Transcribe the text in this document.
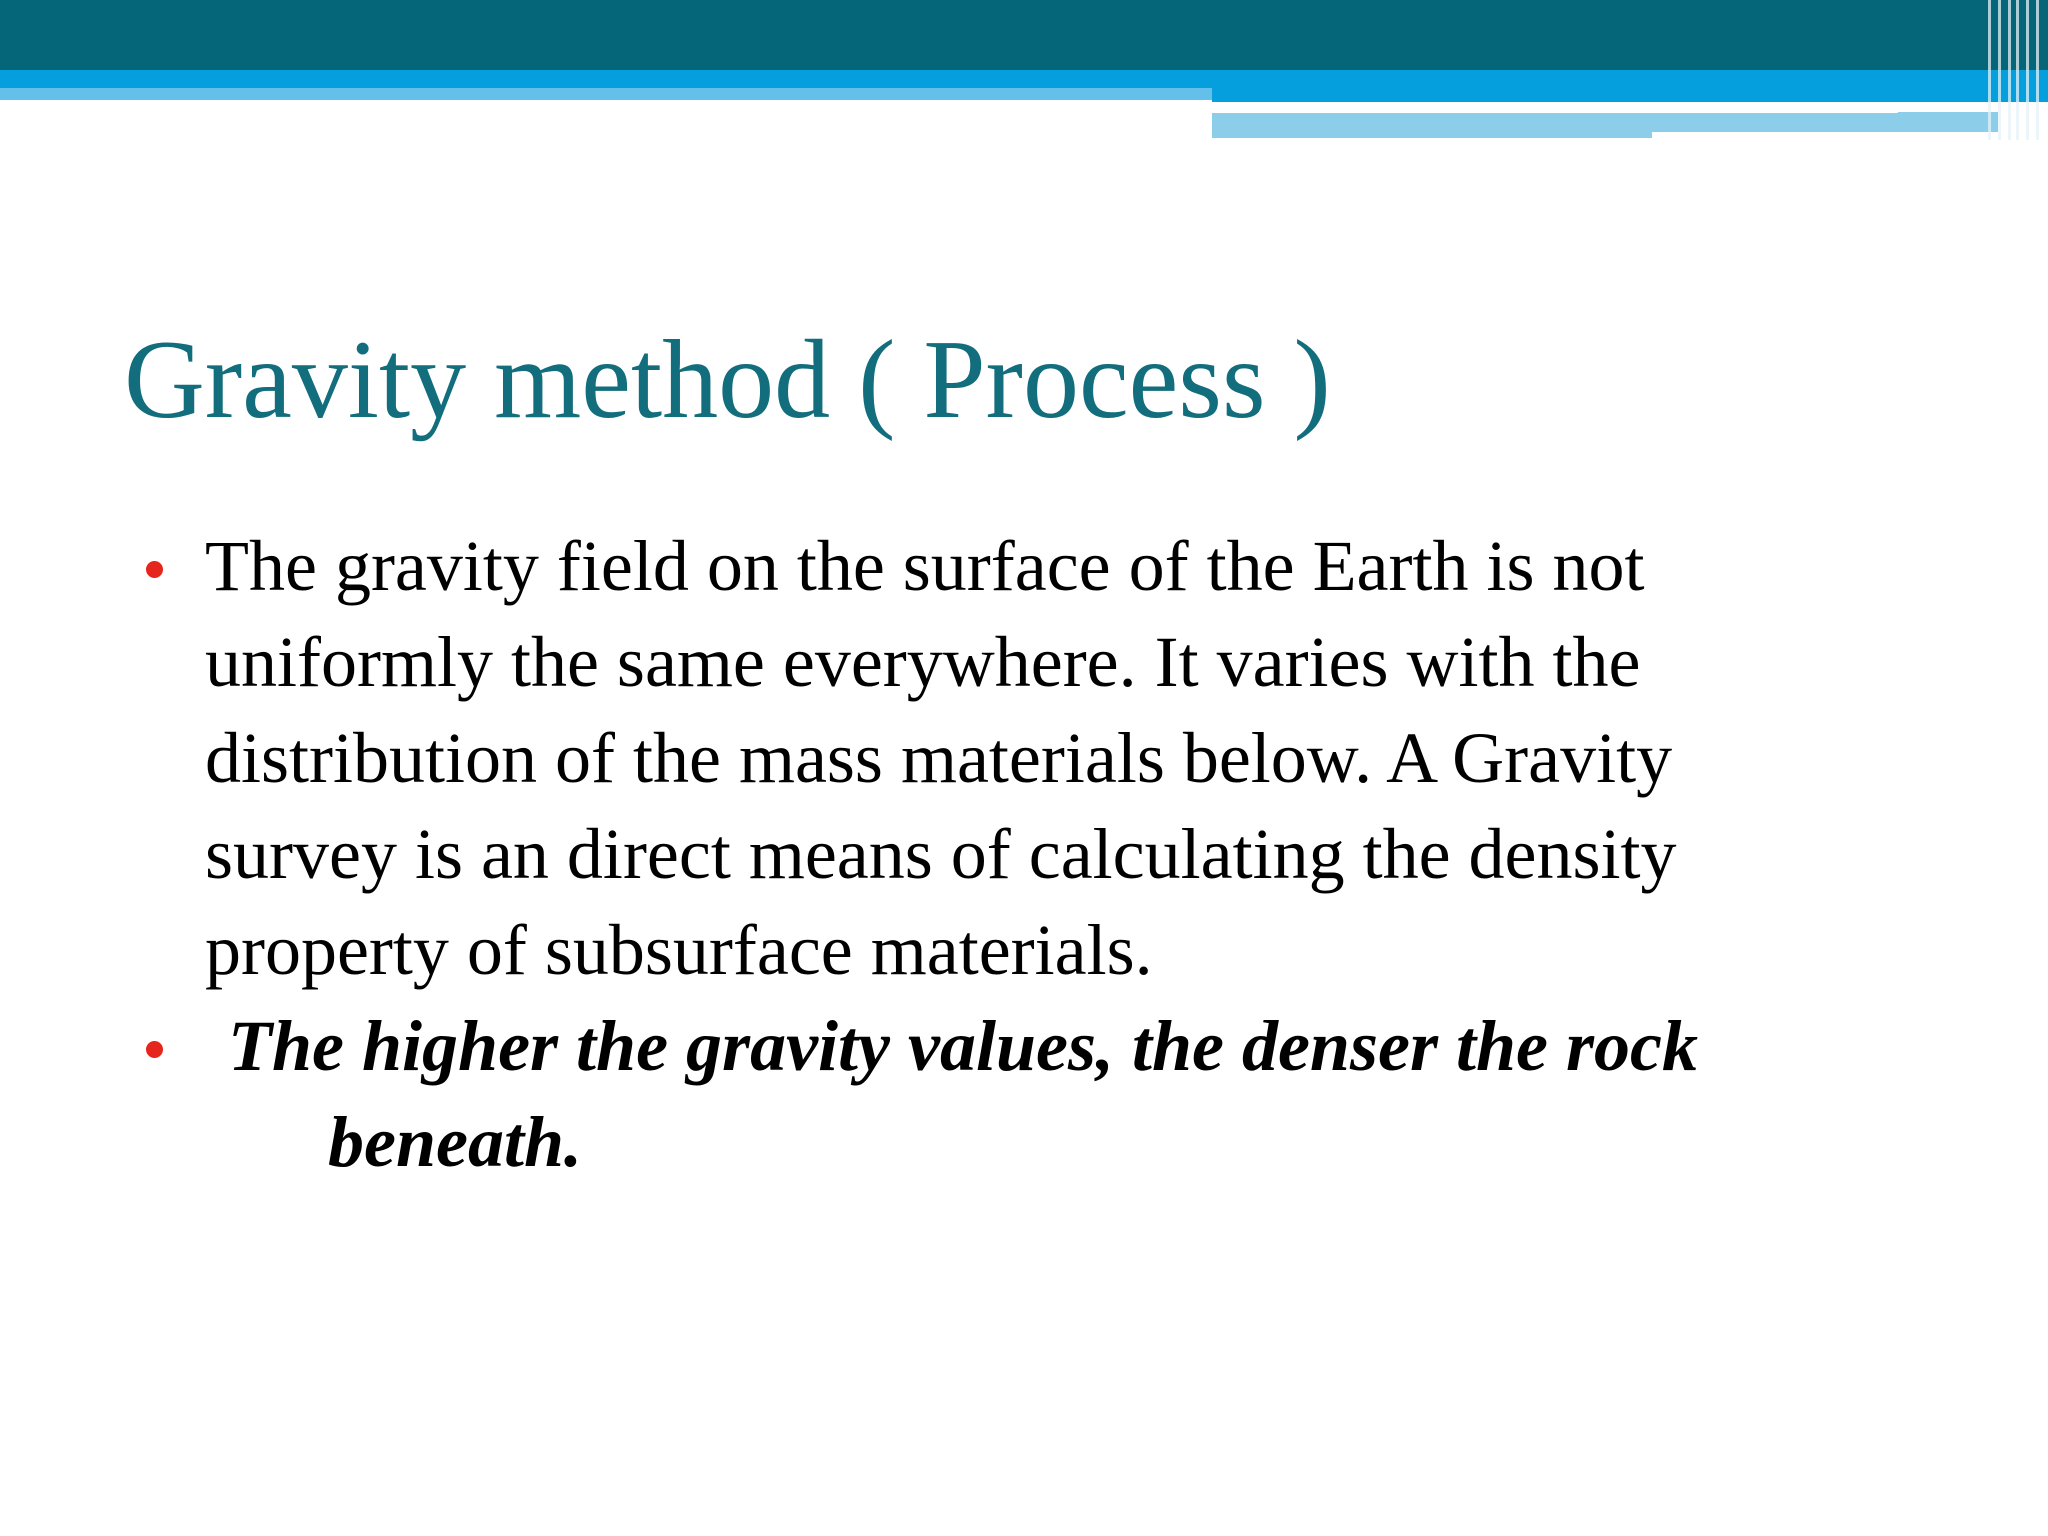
Gravity method ( Process )
The gravity field on the surface of the Earth is not
uniformly the same everywhere. It varies with the
distribution of the mass materials below. A Gravity
survey is an direct means of calculating the density
property of subsurface materials.
The higher the gravity values, the denser the rock
beneath.
